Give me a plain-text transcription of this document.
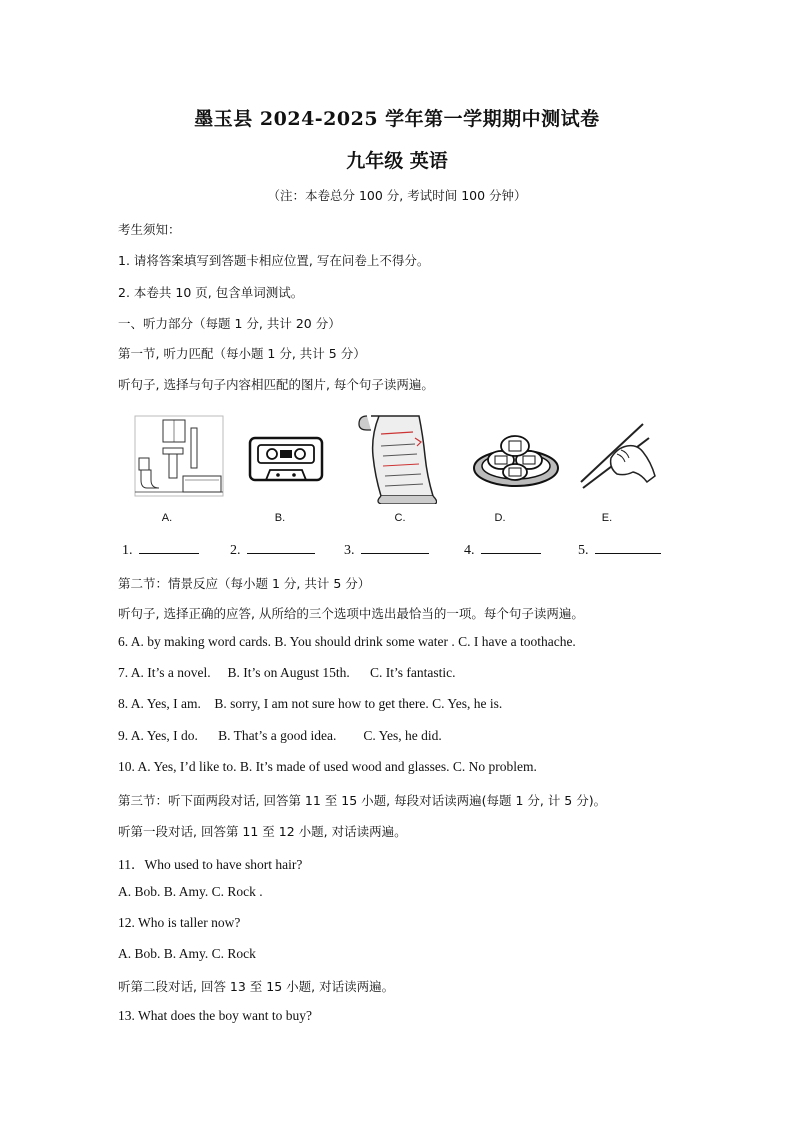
墨玉县 2024-2025 学年第一学期期中测试卷
九年级 英语
（注：本卷总分 100 分, 考试时间 100 分钟）
考生须知：
1. 请将答案填写到答题卡相应位置, 写在问卷上不得分。
2. 本卷共 10 页, 包含单词测试。
一、听力部分（每题 1 分, 共计 20 分）
第一节, 听力匹配（每小题 1 分, 共计 5 分）
听句子, 选择与句子内容相匹配的图片, 每个句子读两遍。
A.	B.	C.	D.	E.
1.	2.	3.	4.	5.
第二节：情景反应（每小题 1 分, 共计 5 分）
听句子, 选择正确的应答, 从所给的三个选项中选出最恰当的一项。每个句子读两遍。
6. A. by making word cards. B. You should drink some water . C. I have a toothache.
7. A. It’s a novel.     B. It’s on August 15th.      C. It’s fantastic.
8. A. Yes, I am.    B. sorry, I am not sure how to get there. C. Yes, he is.
9. A. Yes, I do.      B. That’s a good idea.        C. Yes, he did.
10. A. Yes, I’d like to. B. It’s made of used wood and glasses. C. No problem.
第三节：听下面两段对话, 回答第 11 至 15 小题, 每段对话读两遍(每题 1 分, 计 5 分)。
听第一段对话, 回答第 11 至 12 小题, 对话读两遍。
11．Who used to have short hair?
A. Bob. B. Amy. C. Rock .
12. Who is taller now?
A. Bob. B. Amy. C. Rock
听第二段对话, 回答 13 至 15 小题, 对话读两遍。
13. What does the boy want to buy?
